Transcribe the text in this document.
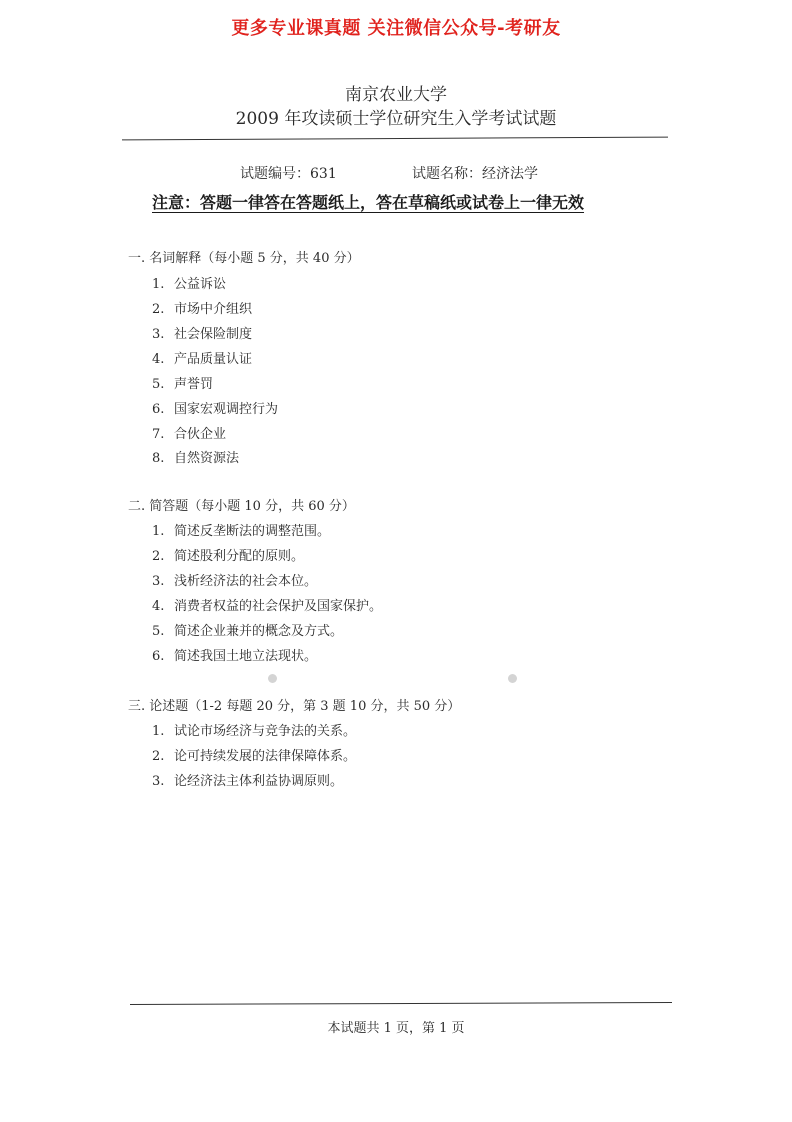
更多专业课真题 关注微信公众号-考研友
南京农业大学
2009 年攻读硕士学位研究生入学考试试题
试题编号：631	试题名称：经济法学
注意：答题一律答在答题纸上，答在草稿纸或试卷上一律无效
一. 名词解释（每小题 5 分，共 40 分）
1. 公益诉讼
2. 市场中介组织
3. 社会保险制度
4. 产品质量认证
5. 声誉罚
6. 国家宏观调控行为
7. 合伙企业
8. 自然资源法
二. 简答题（每小题 10 分，共 60 分）
1. 简述反垄断法的调整范围。
2. 简述股利分配的原则。
3. 浅析经济法的社会本位。
4. 消费者权益的社会保护及国家保护。
5. 简述企业兼并的概念及方式。
6. 简述我国土地立法现状。
三. 论述题（1-2 每题 20 分，第 3 题 10 分，共 50 分）
1. 试论市场经济与竞争法的关系。
2. 论可持续发展的法律保障体系。
3. 论经济法主体利益协调原则。
本试题共 1 页，第 1 页
